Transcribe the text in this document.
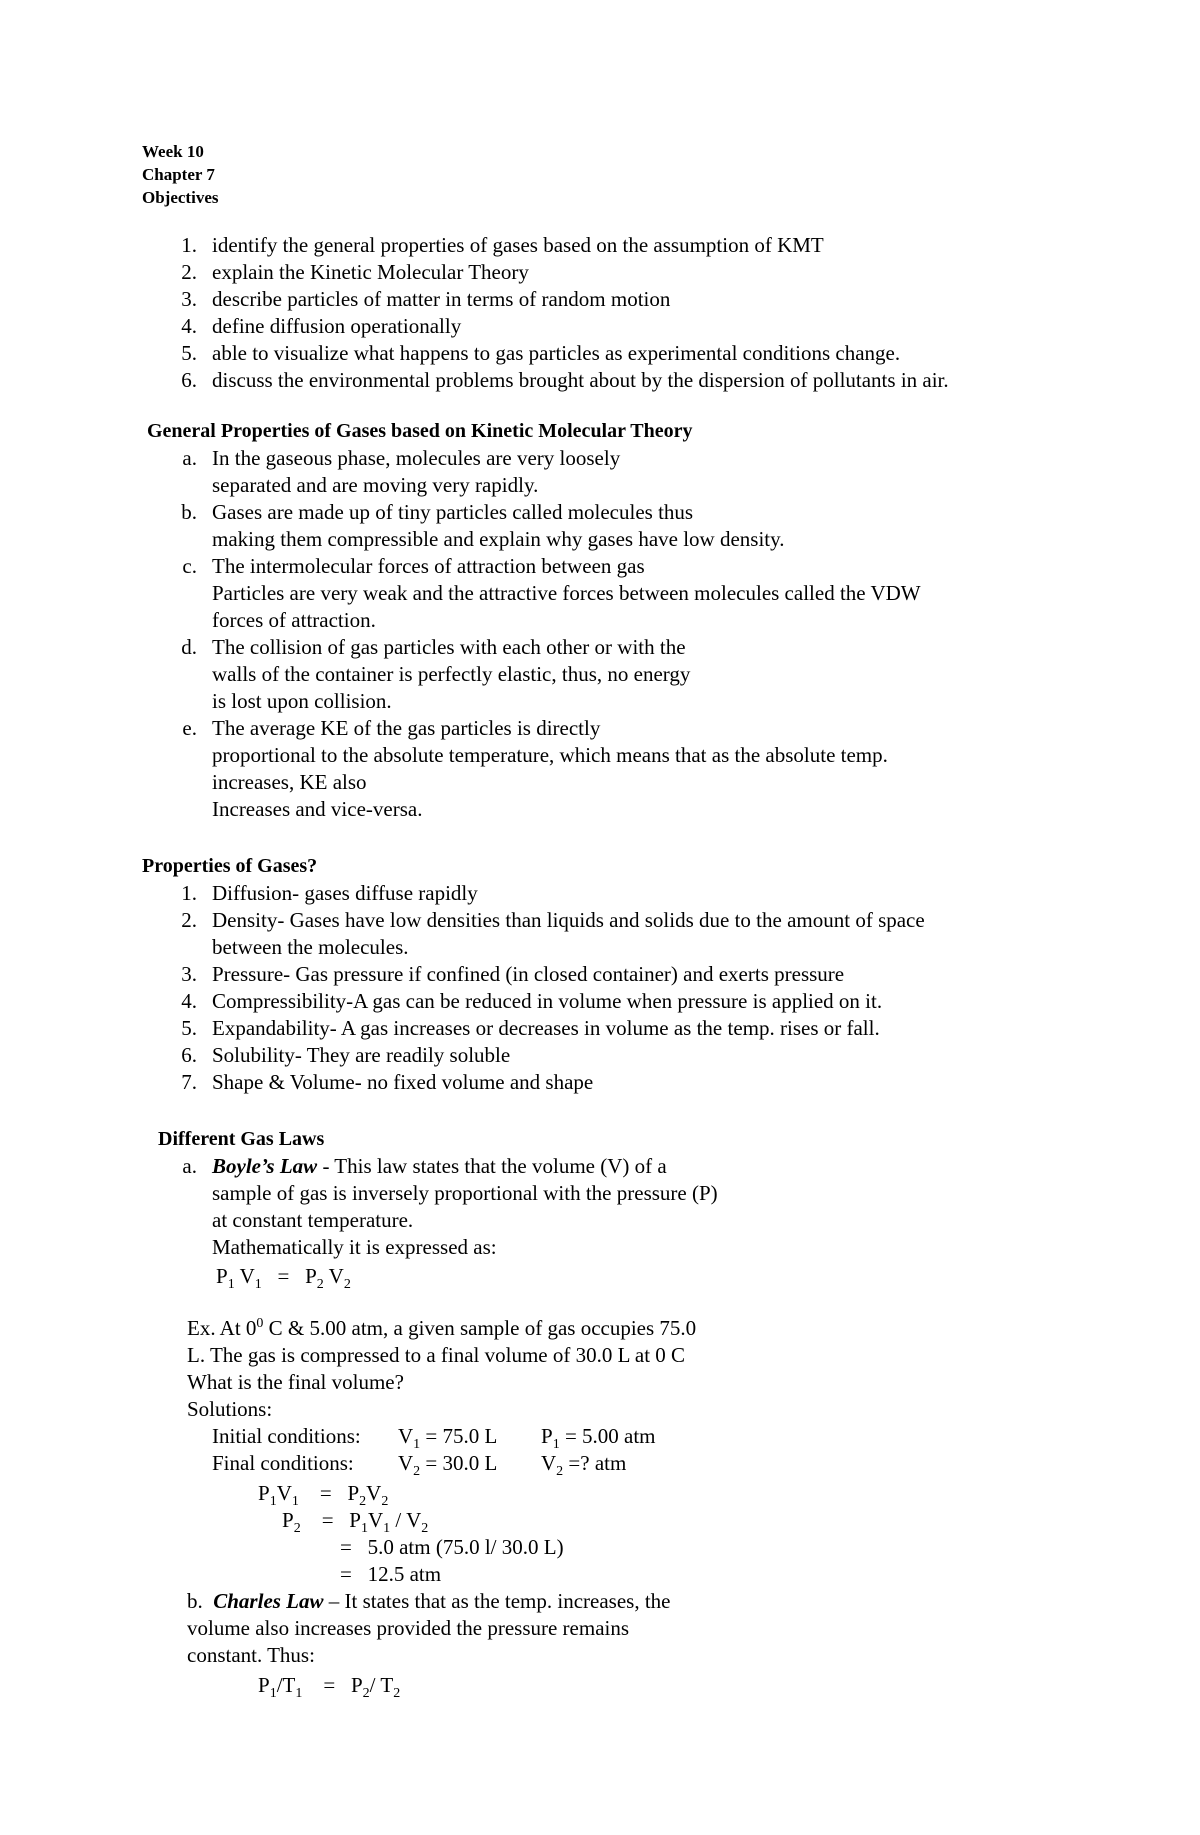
Week 10
Chapter 7
Objectives
1. identify the general properties of gases based on the assumption of KMT
2. explain the Kinetic Molecular Theory
3. describe particles of matter in terms of random motion
4. define diffusion operationally
5. able to visualize what happens to gas particles as experimental conditions change.
6. discuss the environmental problems brought about by the dispersion of pollutants in air.
General Properties of Gases based on Kinetic Molecular Theory
a. In the gaseous phase, molecules are very loosely
separated and are moving very rapidly.
b. Gases are made up of tiny particles called molecules thus
making them compressible and explain why gases have low density.
c. The intermolecular forces of attraction between gas
Particles are very weak and the attractive forces between molecules called the VDW
forces of attraction.
d. The collision of gas particles with each other or with the
walls of the container is perfectly elastic, thus, no energy
is lost upon collision.
e. The average KE of the gas particles is directly
proportional to the absolute temperature, which means that as the absolute temp.
increases, KE also
Increases and vice-versa.
Properties of Gases?
1. Diffusion- gases diffuse rapidly
2. Density- Gases have low densities than liquids and solids due to the amount of space
between the molecules.
3. Pressure- Gas pressure if confined (in closed container) and exerts pressure
4. Compressibility-A gas can be reduced in volume when pressure is applied on it.
5. Expandability- A gas increases or decreases in volume as the temp. rises or fall.
6. Solubility- They are readily soluble
7. Shape & Volume- no fixed volume and shape
Different Gas Laws
a. Boyle’s Law - This law states that the volume (V) of a
sample of gas is inversely proportional with the pressure (P)
at constant temperature.
Mathematically it is expressed as:
$P_1$ $V_1 = P_2$ $V_2$
Ex. At $0^0$ C & 5.00 atm, a given sample of gas occupies 75.0
L. The gas is compressed to a final volume of 30.0 L at 0 C
What is the final volume?
Solutions:
Initial conditions: $V_1 = 75.0$ L $P_1 = 5.00$ atm
Final conditions: $V_2 = 30.0$ L $V_2$ =? atm
$P_1V_1 = P_2V_2$
$P_2 = P_1V_1 / V_2$
= 5.0 atm (75.0 l/ 30.0 L)
= 12.5 atm
b. Charles Law – It states that as the temp. increases, the
volume also increases provided the pressure remains
constant. Thus:
$P_1/T_1 = P_2/$ $T_2$
